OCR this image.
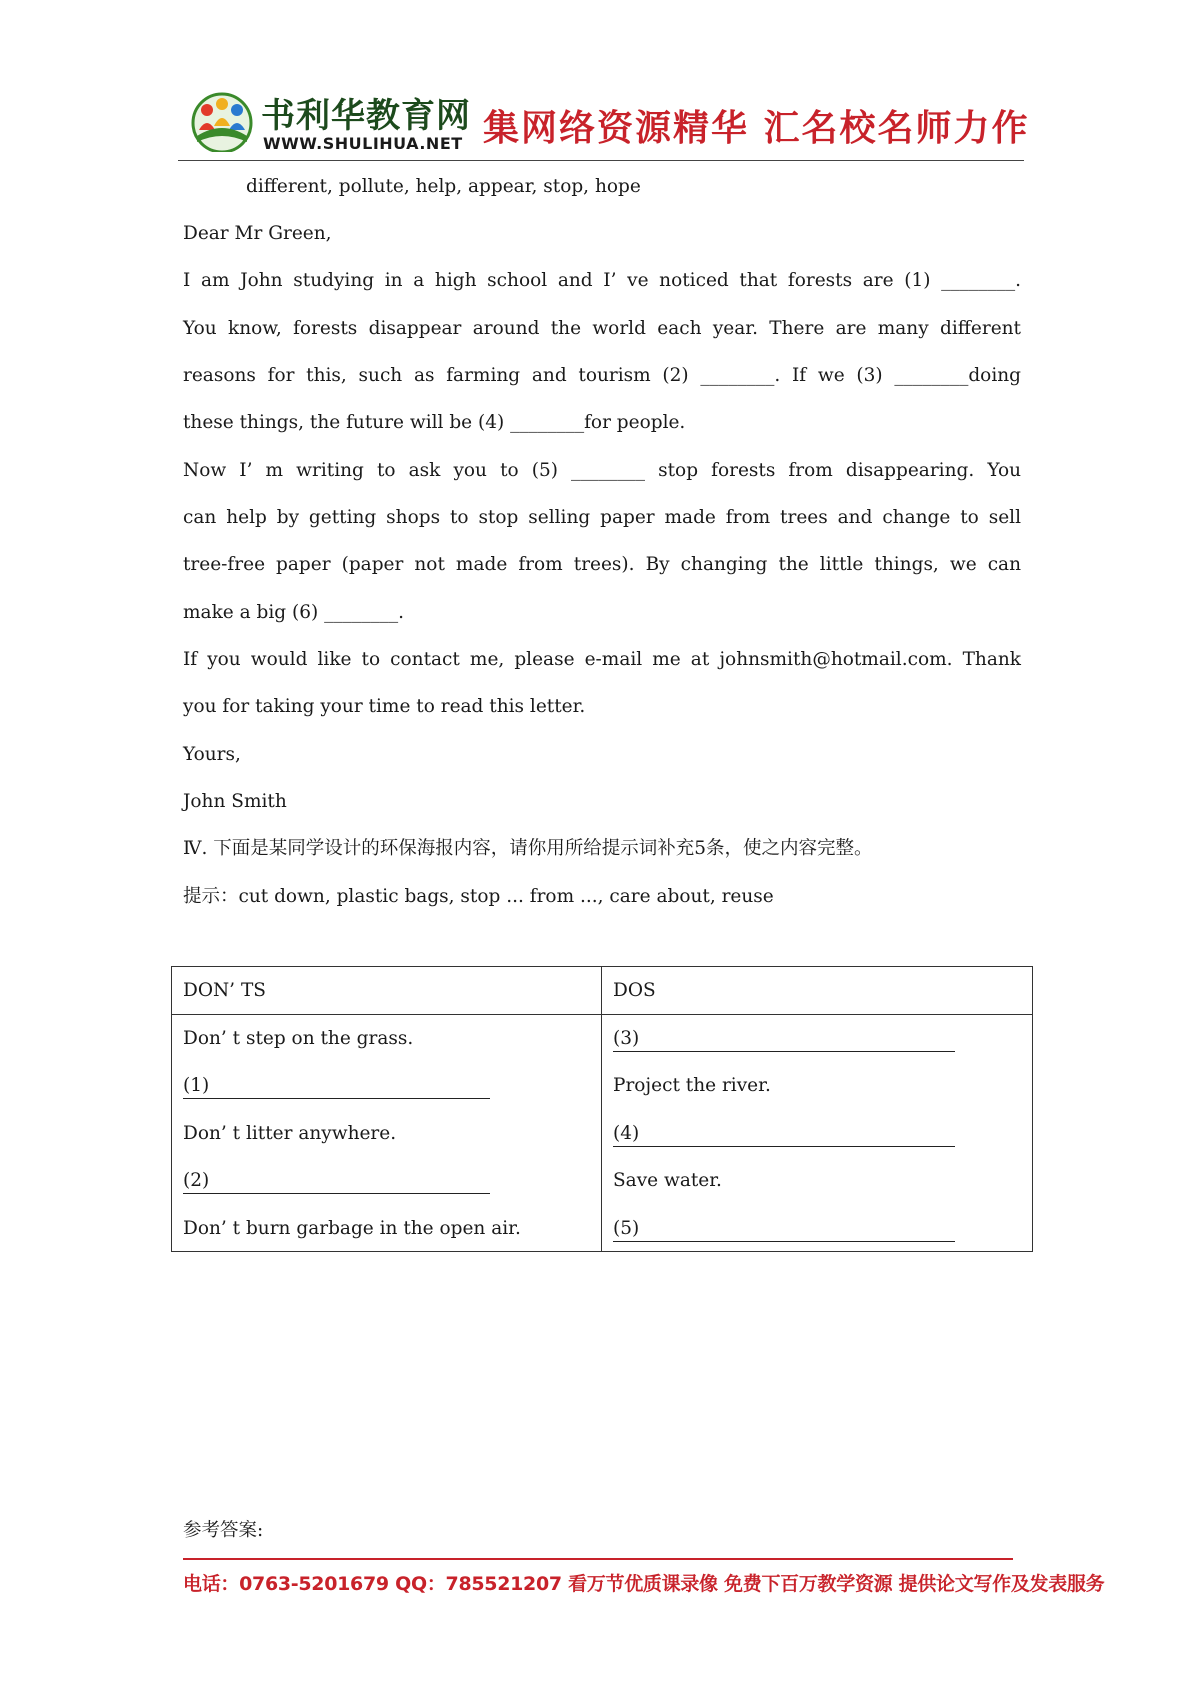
书利华教育网
WWW.SHULIHUA.NET 集网络资源精华 汇名校名师力作
different, pollute, help, appear, stop, hope
Dear Mr Green,
I am John studying in a high school and I’ ve noticed that forests are (1) ________.
You know, forests disappear around the world each year. There are many different
reasons for this, such as farming and tourism (2) ________. If we (3) ________doing
these things, the future will be (4) ________for people.
Now I’ m writing to ask you to (5) ________ stop forests from disappearing. You
can help by getting shops to stop selling paper made from trees and change to sell
tree-free paper (paper not made from trees). By changing the little things, we can
make a big (6) ________.
If you would like to contact me, please e-mail me at johnsmith@hotmail.com. Thank
you for taking your time to read this letter.
Yours,
John Smith
Ⅳ. 下面是某同学设计的环保海报内容，请你用所给提示词补充5条，使之内容完整。
提示：cut down, plastic bags, stop ... from ..., care about, reuse
DON’ TS	DOS
Don’ t step on the grass.
(1)
Don’ t litter anywhere.
(2)
Don’ t burn garbage in the open air.
(3)
Project the river.
(4)
Save water.
(5)
参考答案:
电话：0763-5201679 QQ：785521207 看万节优质课录像 免费下百万教学资源 提供论文写作及发表服务
